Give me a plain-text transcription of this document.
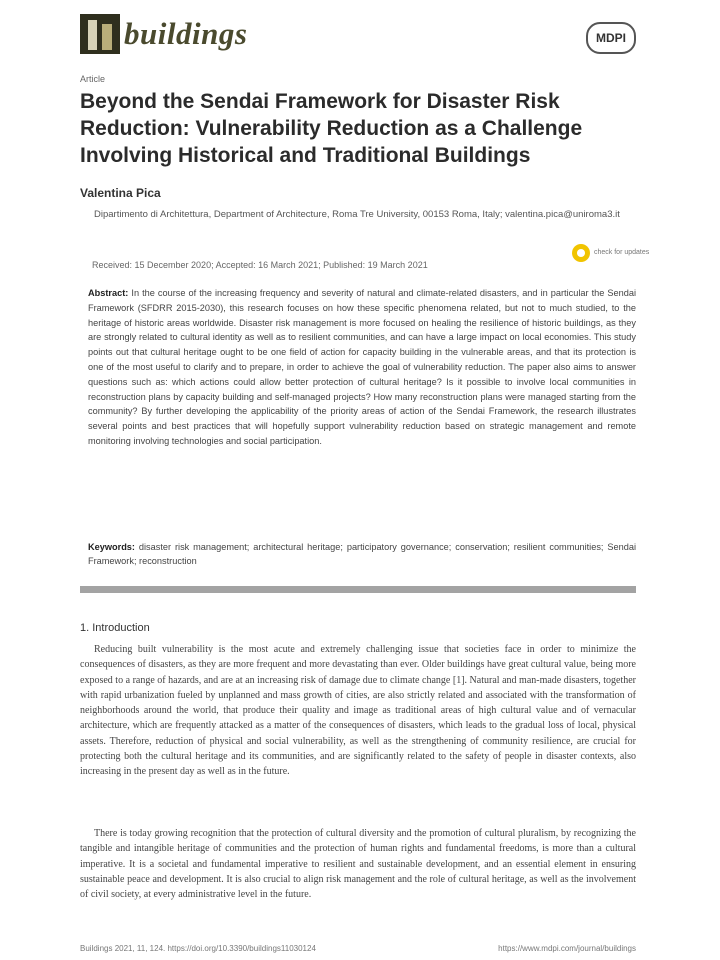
buildings	MDPI
Article
Beyond the Sendai Framework for Disaster Risk Reduction: Vulnerability Reduction as a Challenge Involving Historical and Traditional Buildings
Valentina Pica
Dipartimento di Architettura, Department of Architecture, Roma Tre University, 00153 Roma, Italy; valentina.pica@uniroma3.it
Received: 15 December 2020; Accepted: 16 March 2021; Published: 19 March 2021
check for updates
Abstract: In the course of the increasing frequency and severity of natural and climate-related disasters, and in particular the Sendai Framework (SFDRR 2015-2030), this research focuses on how these specific phenomena related, but not to much studied, to the heritage of historic areas worldwide. Disaster risk management is more focused on healing the resilience of historic buildings, as they are strongly related to cultural identity as well as to resilient communities, and can have a large impact on local economies. This study points out that cultural heritage ought to be one field of action for capacity building in the vulnerable areas, and that its protection is one of the most useful to clarify and to prepare, in order to achieve the goal of vulnerability reduction. The paper also aims to answer questions such as: which actions could allow better protection of cultural heritage? Is it possible to involve local communities in reconstruction plans by capacity building and self-managed projects? How many reconstruction plans were managed starting from the community? By further developing the applicability of the priority areas of action of the Sendai Framework, the research illustrates several points and best practices that will hopefully support vulnerability reduction based on strategic management and remote monitoring involving technologies and social participation.
Keywords: disaster risk management; architectural heritage; participatory governance; conservation; resilient communities; Sendai Framework; reconstruction
1. Introduction

Reducing built vulnerability is the most acute and extremely challenging issue that societies face in order to minimize the consequences of disasters, as they are more frequent and more devastating than ever. Older buildings have great cultural value, being more exposed to a range of hazards, and are at an increasing risk of damage due to climate change [1]. Natural and man-made disasters, together with rapid urbanization fueled by unplanned and mass growth of cities, are also strictly related and associated with the transformation of neighborhoods around the world, that produce their quality and image as traditional areas of high cultural value and of vernacular architecture, which are frequently attacked as a matter of the consequences of disasters, which leads to the gradual loss of local, physical assets. Therefore, reduction of physical and social vulnerability, as well as the strengthening of community resilience, are crucial for protecting both the cultural heritage and its communities, and are significantly related to the safety of people in disaster contexts, also increasing in the present day as well as in the future.

There is today growing recognition that the protection of cultural diversity and the promotion of cultural pluralism, by recognizing the tangible and intangible heritage of communities and the protection of human rights and fundamental freedoms, is more than a cultural imperative. It is a societal and fundamental imperative to resilient and sustainable development, and an essential element in ensuring sustainable peace and development. It is also crucial to align risk management and the role of cultural heritage, as well as the involvement of civil society, at every administrative level in the future.

Buildings 2021, 11, 124. https://doi.org/10.3390/buildings11030124	https://www.mdpi.com/journal/buildings
